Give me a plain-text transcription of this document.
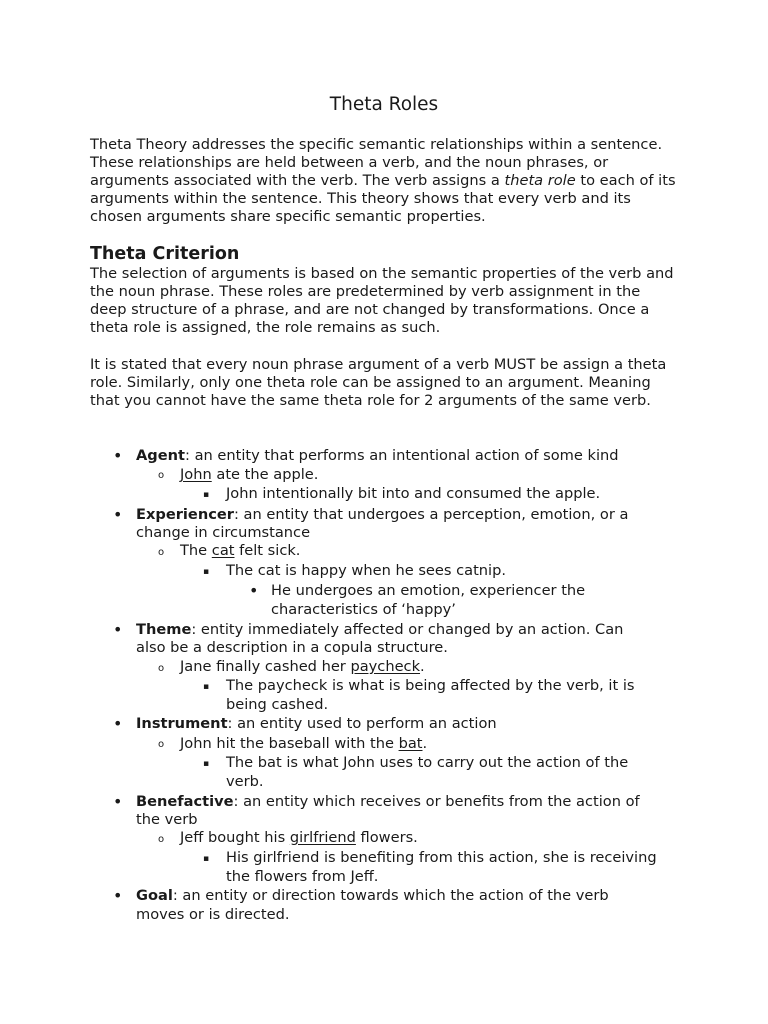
Theta Roles

Theta Theory addresses the specific semantic relationships within a sentence. These relationships are held between a verb, and the noun phrases, or arguments associated with the verb. The verb assigns a theta role to each of its arguments within the sentence. This theory shows that every verb and its chosen arguments share specific semantic properties.

Theta Criterion

The selection of arguments is based on the semantic properties of the verb and the noun phrase. These roles are predetermined by verb assignment in the deep structure of a phrase, and are not changed by transformations. Once a theta role is assigned, the role remains as such.

It is stated that every noun phrase argument of a verb MUST be assign a theta role. Similarly, only one theta role can be assigned to an argument. Meaning that you cannot have the same theta role for 2 arguments of the same verb.

• Agent: an entity that performs an intentional action of some kind
o John ate the apple.
▪ John intentionally bit into and consumed the apple.
• Experiencer: an entity that undergoes a perception, emotion, or a
change in circumstance
o The cat felt sick.
▪ The cat is happy when he sees catnip.
• He undergoes an emotion, experiencer the
characteristics of ‘happy’
• Theme: entity immediately affected or changed by an action. Can
also be a description in a copula structure.
o Jane finally cashed her paycheck.
▪ The paycheck is what is being affected by the verb, it is
being cashed.
• Instrument: an entity used to perform an action
o John hit the baseball with the bat.
▪ The bat is what John uses to carry out the action of the
verb.
• Benefactive: an entity which receives or benefits from the action of
the verb
o Jeff bought his girlfriend flowers.
▪ His girlfriend is benefiting from this action, she is receiving
the flowers from Jeff.
• Goal: an entity or direction towards which the action of the verb
moves or is directed.
